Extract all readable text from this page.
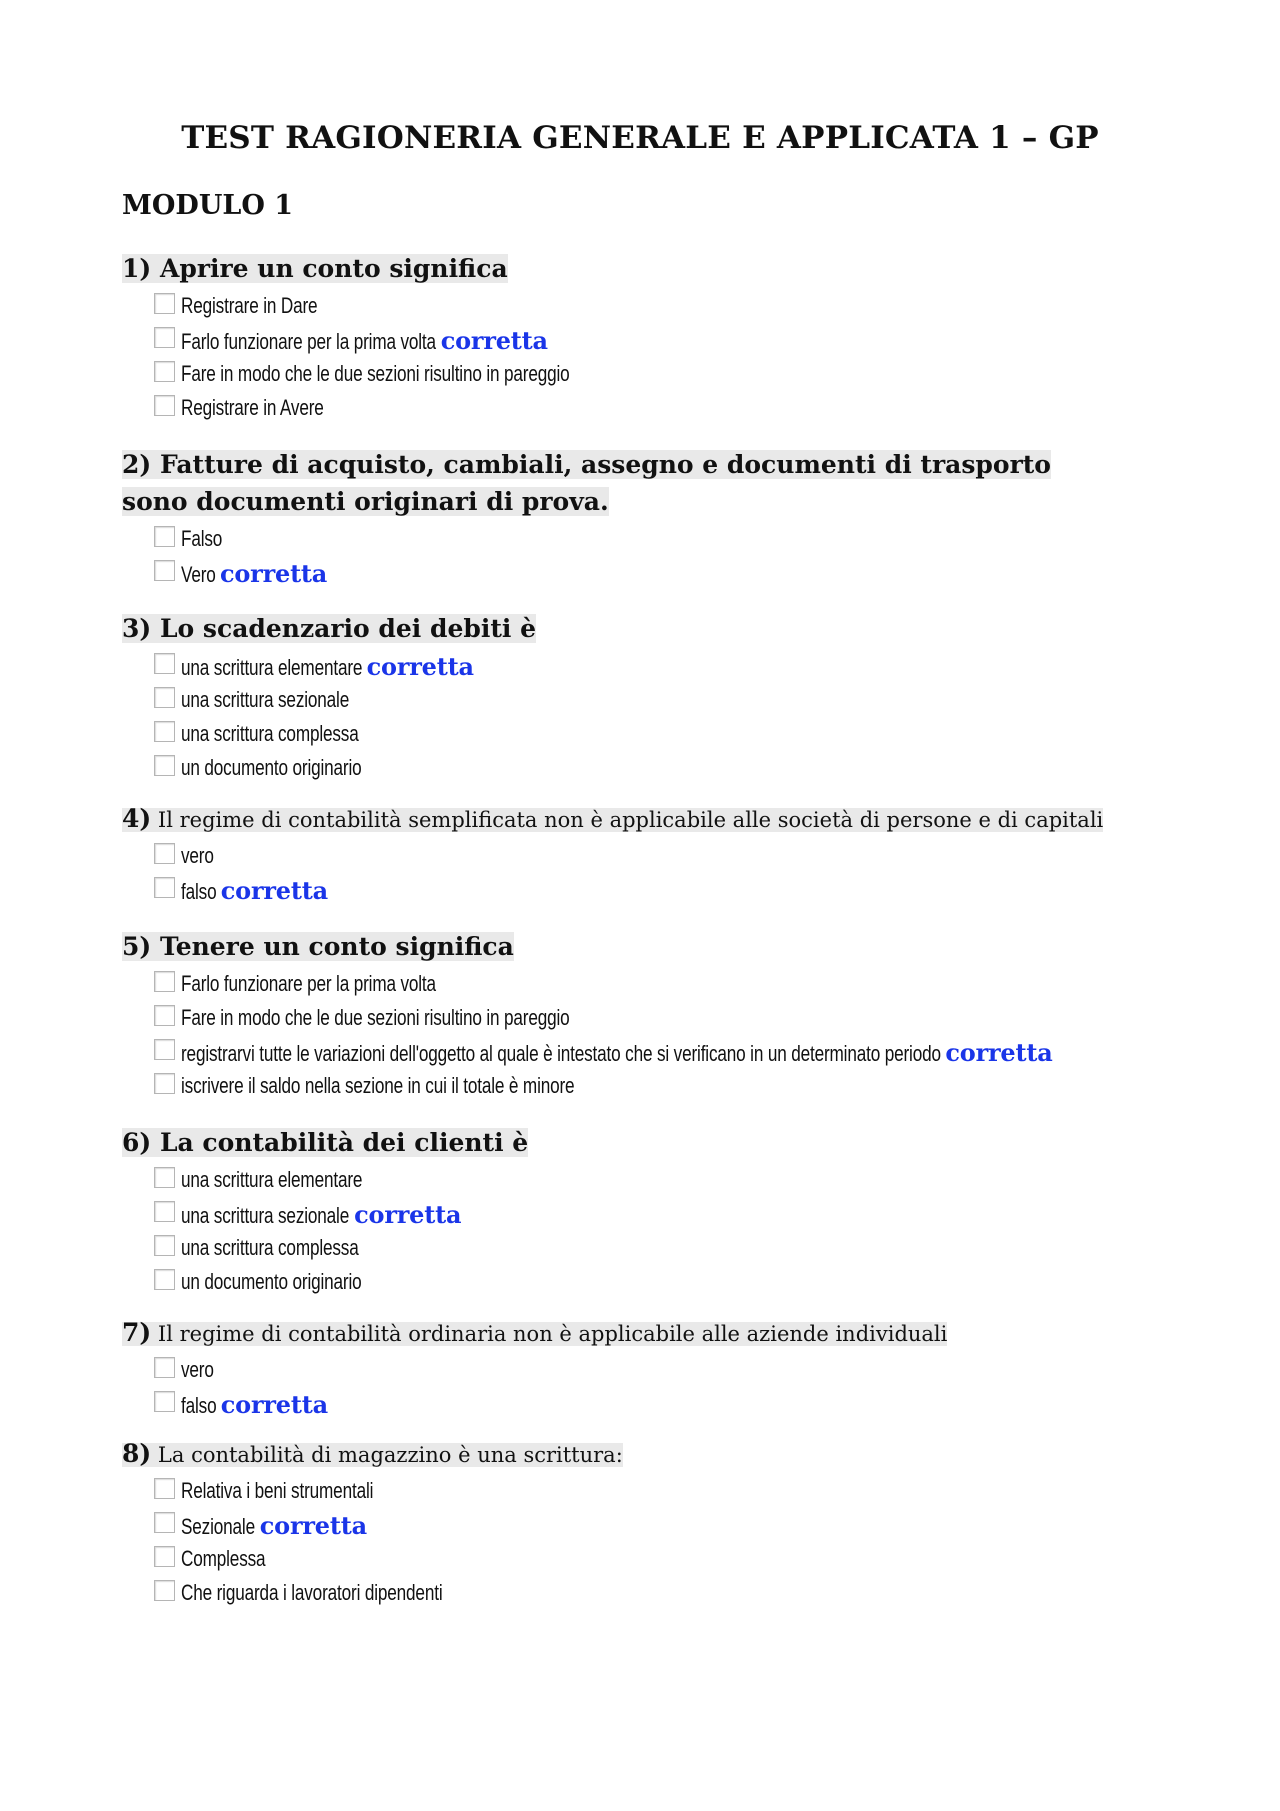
TEST RAGIONERIA GENERALE E APPLICATA 1 – GP
MODULO 1

1) Aprire un conto significa

Registrare in Dare
Farlo funzionare per la prima volta corretta
Fare in modo che le due sezioni risultino in pareggio
Registrare in Avere

2) Fatture di acquisto, cambiali, assegno e documenti di trasporto sono documenti originari di prova.

Falso
Vero corretta

3) Lo scadenzario dei debiti è

una scrittura elementare corretta
una scrittura sezionale
una scrittura complessa
un documento originario

4) Il regime di contabilità semplificata non è applicabile alle società di persone e di capitali

vero
falso corretta

5) Tenere un conto significa

Farlo funzionare per la prima volta
Fare in modo che le due sezioni risultino in pareggio
registrarvi tutte le variazioni dell'oggetto al quale è intestato che si verificano in un determinato periodo corretta
iscrivere il saldo nella sezione in cui il totale è minore

6) La contabilità dei clienti è

una scrittura elementare
una scrittura sezionale corretta
una scrittura complessa
un documento originario

7) Il regime di contabilità ordinaria non è applicabile alle aziende individuali

vero
falso corretta

8) La contabilità di magazzino è una scrittura:

Relativa i beni strumentali
Sezionale corretta
Complessa
Che riguarda i lavoratori dipendenti
